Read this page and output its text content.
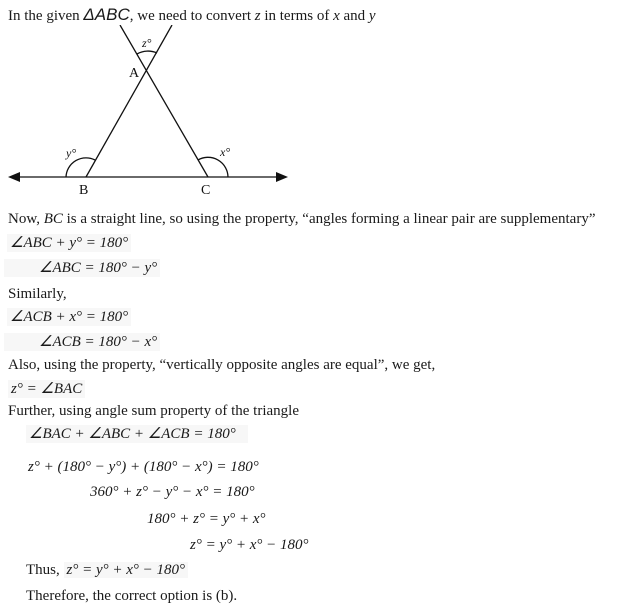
In the given ΔABC, we need to convert z in terms of x and y
A
B	C
z°
y°	x°
Now, BC is a straight line, so using the property, “angles forming a linear pair are supplementary”
∠ABC + y° = 180°
∠ABC = 180° − y°
Similarly,
∠ACB + x° = 180°
∠ACB = 180° − x°
Also, using the property, “vertically opposite angles are equal”, we get,
z° = ∠BAC
Further, using angle sum property of the triangle
∠BAC + ∠ABC + ∠ACB = 180°
z° + (180° − y°) + (180° − x°) = 180°
360° + z° − y° − x° = 180°
180° + z° = y° + x°
z° = y° + x° − 180°
Thus, z° = y° + x° − 180°
Therefore, the correct option is (b).
